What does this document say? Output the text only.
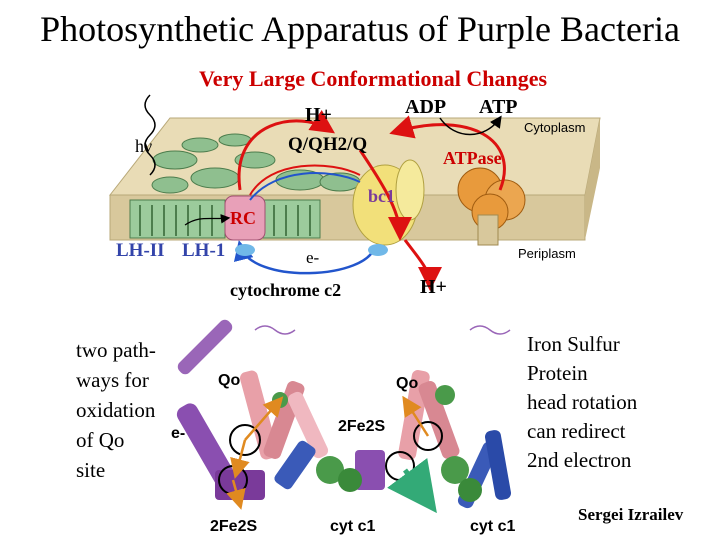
Photosynthetic Apparatus of Purple Bacteria
Very Large Conformational Changes
hν
H+
Q/QH2/Q
ADP ATP
Cytoplasm
ATPase
bc1
RC
LH-II LH-1	e-	Periplasm
cytochrome c2	H+
Qo	Qo
e-	2Fe2S
2Fe2S	cyt c1	cyt c1
two path-
ways for
oxidation
of Qo
site
Iron Sulfur
Protein
head rotation
can redirect
2nd electron
Sergei Izrailev
